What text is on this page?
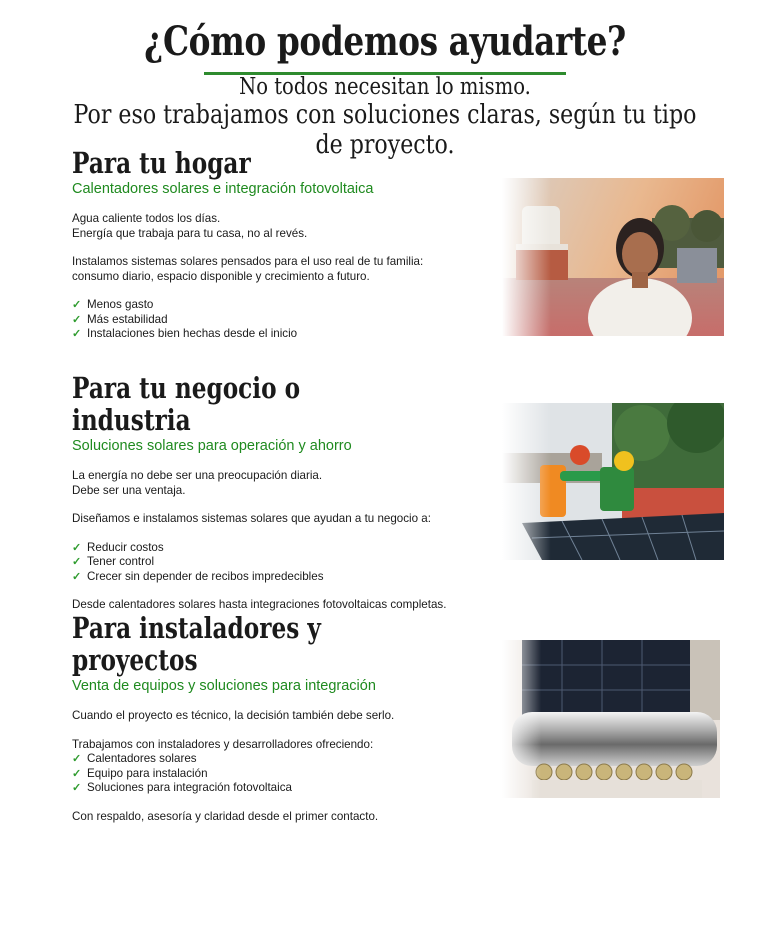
¿Cómo podemos ayudarte?
No todos necesitan lo mismo.
Por eso trabajamos con soluciones claras, según tu tipo de proyecto.
Para tu hogar

Calentadores solares e integración fotovoltaica

Agua caliente todos los días.

Energía que trabaja para tu casa, no al revés.

Instalamos sistemas solares pensados para el uso real de tu familia:

consumo diario, espacio disponible y crecimiento a futuro.

✓ Menos gasto
✓ Más estabilidad
✓ Instalaciones bien hechas desde el inicio
Para tu negocio o industria

Soluciones solares para operación y ahorro

La energía no debe ser una preocupación diaria.

Debe ser una ventaja.

Diseñamos e instalamos sistemas solares que ayudan a tu negocio a:

✓ Reducir costos
✓ Tener control
✓ Crecer sin depender de recibos impredecibles

Desde calentadores solares hasta integraciones fotovoltaicas completas.

Para instaladores y proyectos

Venta de equipos y soluciones para integración

Cuando el proyecto es técnico, la decisión también debe serlo.

Trabajamos con instaladores y desarrolladores ofreciendo:

✓ Calentadores solares
✓ Equipo para instalación
✓ Soluciones para integración fotovoltaica

Con respaldo, asesoría y claridad desde el primer contacto.
